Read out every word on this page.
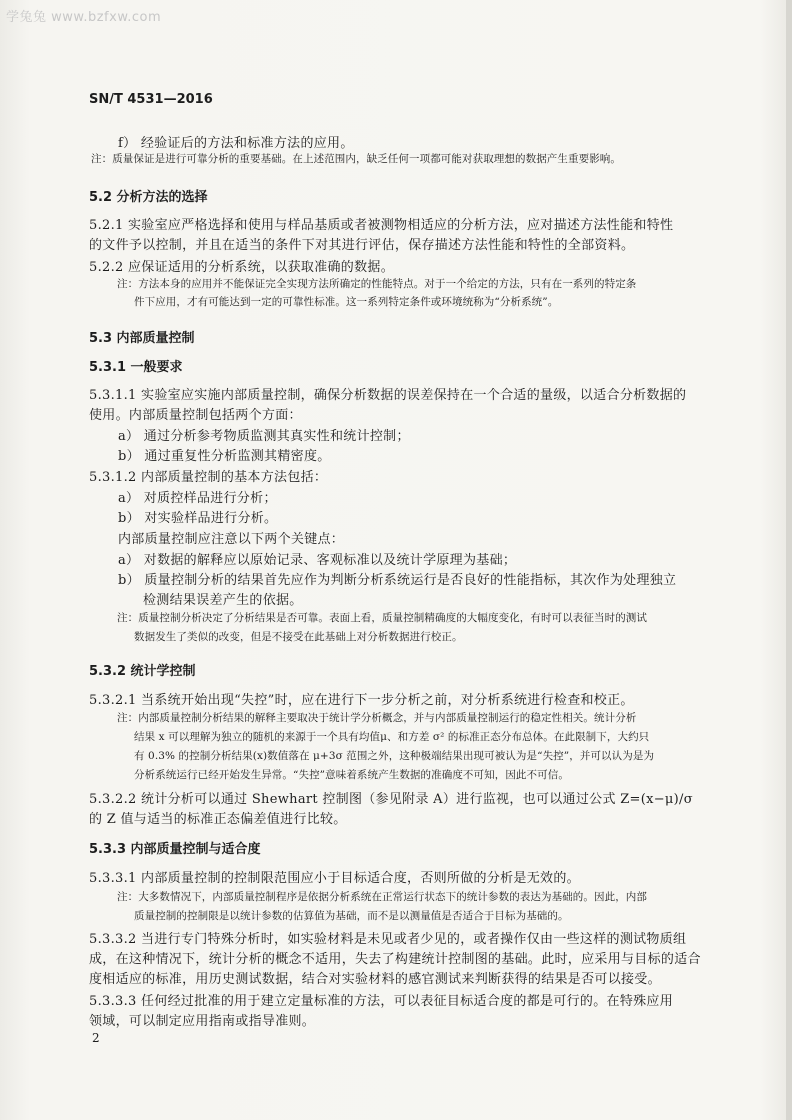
学兔兔 www.bzfxw.com
SN/T 4531—2016
f） 经验证后的方法和标准方法的应用。
注：质量保证是进行可靠分析的重要基础。在上述范围内，缺乏任何一项都可能对获取理想的数据产生重要影响。
5.2 分析方法的选择
5.2.1 实验室应严格选择和使用与样品基质或者被测物相适应的分析方法，应对描述方法性能和特性
的文件予以控制，并且在适当的条件下对其进行评估，保存描述方法性能和特性的全部资料。
5.2.2 应保证适用的分析系统，以获取准确的数据。
注：方法本身的应用并不能保证完全实现方法所确定的性能特点。对于一个给定的方法，只有在一系列的特定条
件下应用，才有可能达到一定的可靠性标准。这一系列特定条件或环境统称为“分析系统”。
5.3 内部质量控制
5.3.1 一般要求
5.3.1.1 实验室应实施内部质量控制，确保分析数据的误差保持在一个合适的量级，以适合分析数据的
使用。内部质量控制包括两个方面：
a） 通过分析参考物质监测其真实性和统计控制；
b） 通过重复性分析监测其精密度。
5.3.1.2 内部质量控制的基本方法包括：
a） 对质控样品进行分析；
b） 对实验样品进行分析。
内部质量控制应注意以下两个关键点：
a） 对数据的解释应以原始记录、客观标准以及统计学原理为基础；
b） 质量控制分析的结果首先应作为判断分析系统运行是否良好的性能指标，其次作为处理独立
检测结果误差产生的依据。
注：质量控制分析决定了分析结果是否可靠。表面上看，质量控制精确度的大幅度变化，有时可以表征当时的测试
数据发生了类似的改变，但是不接受在此基础上对分析数据进行校正。
5.3.2 统计学控制
5.3.2.1 当系统开始出现“失控”时，应在进行下一步分析之前，对分析系统进行检查和校正。
注：内部质量控制分析结果的解释主要取决于统计学分析概念，并与内部质量控制运行的稳定性相关。统计分析
结果 x 可以理解为独立的随机的来源于一个具有均值μ、和方差 σ² 的标准正态分布总体。在此限制下，大约只
有 0.3% 的控制分析结果(x)数值落在 μ+3σ 范围之外，这种极端结果出现可被认为是“失控”，并可以认为是为
分析系统运行已经开始发生异常。“失控”意味着系统产生数据的准确度不可知，因此不可信。
5.3.2.2 统计分析可以通过 Shewhart 控制图（参见附录 A）进行监视，也可以通过公式 Z=(x−μ)/σ
的 Z 值与适当的标准正态偏差值进行比较。
5.3.3 内部质量控制与适合度
5.3.3.1 内部质量控制的控制限范围应小于目标适合度，否则所做的分析是无效的。
注：大多数情况下，内部质量控制程序是依据分析系统在正常运行状态下的统计参数的表达为基础的。因此，内部
质量控制的控制限是以统计参数的估算值为基础，而不是以测量值是否适合于目标为基础的。
5.3.3.2 当进行专门特殊分析时，如实验材料是未见或者少见的，或者操作仅由一些这样的测试物质组
成，在这种情况下，统计分析的概念不适用，失去了构建统计控制图的基础。此时，应采用与目标的适合
度相适应的标准，用历史测试数据，结合对实验材料的感官测试来判断获得的结果是否可以接受。
5.3.3.3 任何经过批准的用于建立定量标准的方法，可以表征目标适合度的都是可行的。在特殊应用
领域，可以制定应用指南或指导准则。
2
